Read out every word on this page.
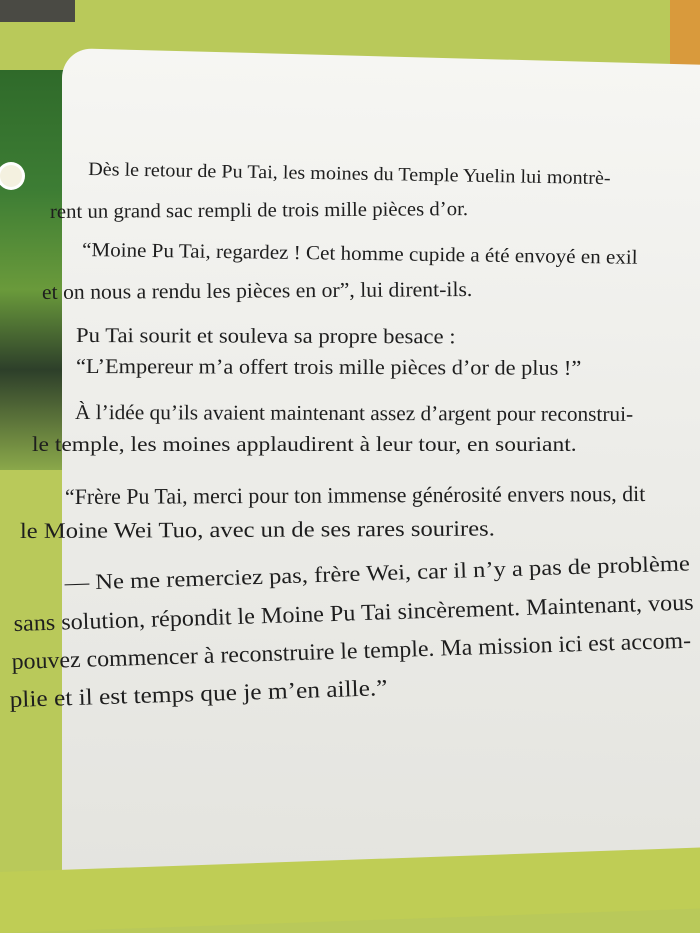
Dès le retour de Pu Tai, les moines du Temple Yuelin lui montrè-
rent un grand sac rempli de trois mille pièces d’or.
“Moine Pu Tai, regardez ! Cet homme cupide a été envoyé en exil
et on nous a rendu les pièces en or”, lui dirent-ils.
Pu Tai sourit et souleva sa propre besace :
“L’Empereur m’a offert trois mille pièces d’or de plus !”
À l’idée qu’ils avaient maintenant assez d’argent pour reconstrui-
le temple, les moines applaudirent à leur tour, en souriant.
“Frère Pu Tai, merci pour ton immense générosité envers nous, dit
le Moine Wei Tuo, avec un de ses rares sourires.
— Ne me remerciez pas, frère Wei, car il n’y a pas de problème
sans solution, répondit le Moine Pu Tai sincèrement. Maintenant, vous
pouvez commencer à reconstruire le temple. Ma mission ici est accom-
plie et il est temps que je m’en aille.”
